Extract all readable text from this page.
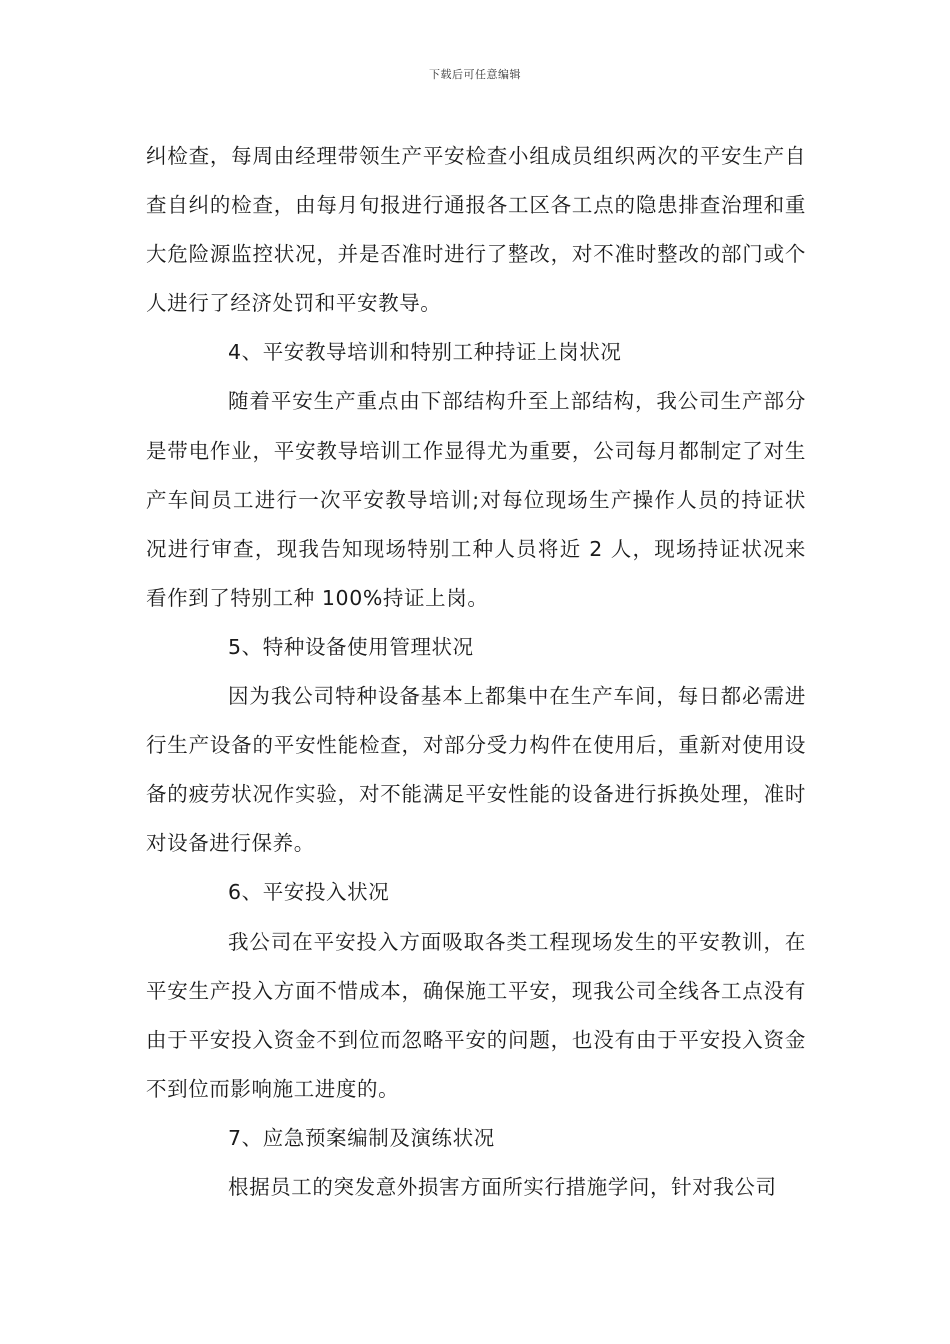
下载后可任意编辑

纠检查，每周由经理带领生产平安检查小组成员组织两次的平安生产自查自纠的检查，由每月旬报进行通报各工区各工点的隐患排查治理和重大危险源监控状况，并是否准时进行了整改，对不准时整改的部门或个人进行了经济处罚和平安教导。

4、平安教导培训和特别工种持证上岗状况

随着平安生产重点由下部结构升至上部结构，我公司生产部分是带电作业，平安教导培训工作显得尤为重要，公司每月都制定了对生产车间员工进行一次平安教导培训;对每位现场生产操作人员的持证状况进行审查，现我告知现场特别工种人员将近 2 人，现场持证状况来看作到了特别工种 100%持证上岗。

5、特种设备使用管理状况

因为我公司特种设备基本上都集中在生产车间，每日都必需进行生产设备的平安性能检查，对部分受力构件在使用后，重新对使用设备的疲劳状况作实验，对不能满足平安性能的设备进行拆换处理，准时对设备进行保养。

6、平安投入状况

我公司在平安投入方面吸取各类工程现场发生的平安教训，在平安生产投入方面不惜成本，确保施工平安，现我公司全线各工点没有由于平安投入资金不到位而忽略平安的问题，也没有由于平安投入资金不到位而影响施工进度的。

7、应急预案编制及演练状况

根据员工的突发意外损害方面所实行措施学问，针对我公司
